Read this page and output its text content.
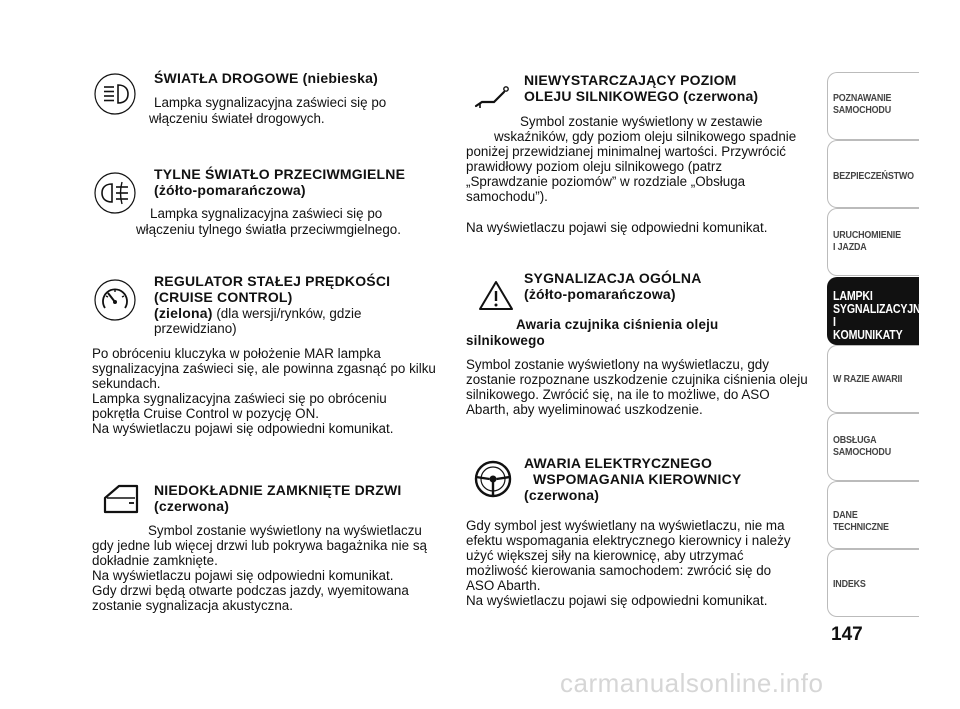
ŚWIATŁA DROGOWE (niebieska)
Lampka sygnalizacyjna zaświeci się po
włączeniu świateł drogowych.
TYLNE ŚWIATŁO PRZECIWMGIELNE
(żółto-pomarańczowa)
Lampka sygnalizacyjna zaświeci się po
włączeniu tylnego światła przeciwmgielnego.
REGULATOR STAŁEJ PRĘDKOŚCI
(CRUISE CONTROL)
(zielona) (dla wersji/rynków, gdzie
przewidziano)
Po obróceniu kluczyka w położenie MAR lampka
sygnalizacyjna zaświeci się, ale powinna zgasnąć po kilku
sekundach.
Lampka sygnalizacyjna zaświeci się po obróceniu
pokrętła Cruise Control w pozycję ON.
Na wyświetlaczu pojawi się odpowiedni komunikat.
NIEDOKŁADNIE ZAMKNIĘTE DRZWI
(czerwona)
Symbol zostanie wyświetlony na wyświetlaczu
gdy jedne lub więcej drzwi lub pokrywa bagażnika nie są
dokładnie zamknięte.
Na wyświetlaczu pojawi się odpowiedni komunikat.
Gdy drzwi będą otwarte podczas jazdy, wyemitowana
zostanie sygnalizacja akustyczna.
NIEWYSTARCZAJĄCY POZIOM
OLEJU SILNIKOWEGO (czerwona)
Symbol zostanie wyświetlony w zestawie
wskaźników, gdy poziom oleju silnikowego spadnie
poniżej przewidzianej minimalnej wartości. Przywrócić
prawidłowy poziom oleju silnikowego (patrz
„Sprawdzanie poziomów” w rozdziale „Obsługa
samochodu”).
Na wyświetlaczu pojawi się odpowiedni komunikat.
SYGNALIZACJA OGÓLNA
(żółto-pomarańczowa)
Awaria czujnika ciśnienia oleju
silnikowego
Symbol zostanie wyświetlony na wyświetlaczu, gdy
zostanie rozpoznane uszkodzenie czujnika ciśnienia oleju
silnikowego. Zwrócić się, na ile to możliwe, do ASO
Abarth, aby wyeliminować uszkodzenie.
AWARIA ELEKTRYCZNEGO
WSPOMAGANIA KIEROWNICY
(czerwona)
Gdy symbol jest wyświetlany na wyświetlaczu, nie ma
efektu wspomagania elektrycznego kierownicy i należy
użyć większej siły na kierownicę, aby utrzymać
możliwość kierowania samochodem: zwrócić się do
ASO Abarth.
Na wyświetlaczu pojawi się odpowiedni komunikat.
POZNAWANIE
SAMOCHODU
BEZPIECZEŃSTWO
URUCHOMIENIE
I JAZDA
LAMPKI
SYGNALIZACYJNE
I KOMUNIKATY
W RAZIE AWARII
OBSŁUGA
SAMOCHODU
DANE
TECHNICZNE
INDEKS
147
carmanualsonline.info
